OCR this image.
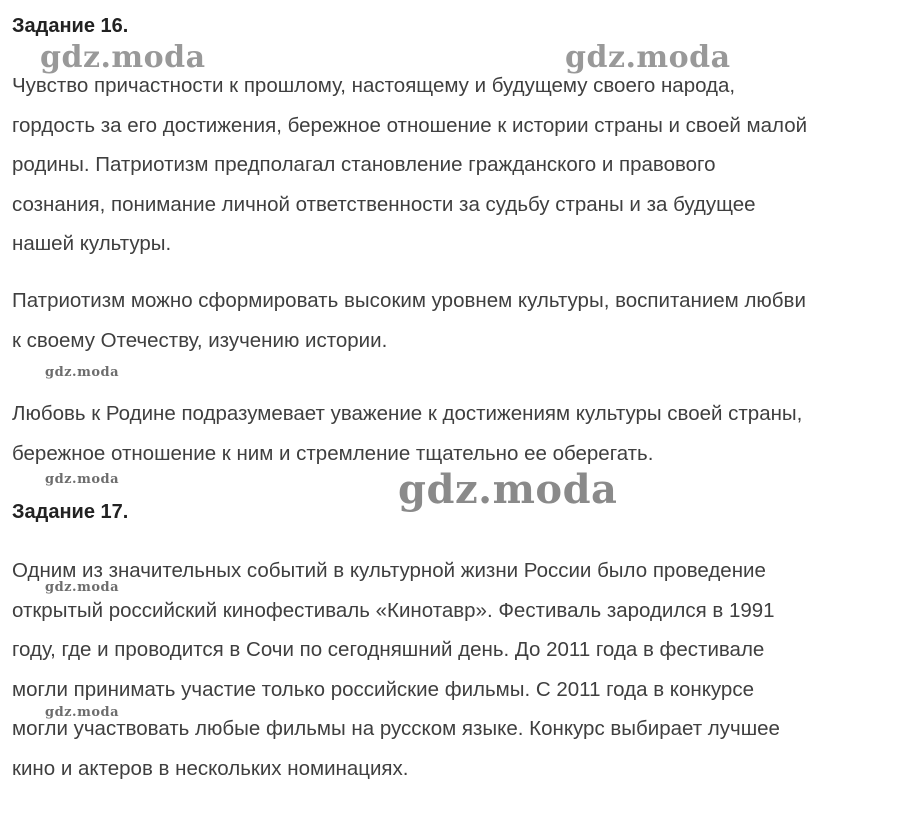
Задание 16.
Чувство причастности к прошлому, настоящему и будущему своего народа,
гордость за его достижения, бережное отношение к истории страны и своей малой
родины. Патриотизм предполагал становление гражданского и правового
сознания, понимание личной ответственности за судьбу страны и за будущее
нашей культуры.
Патриотизм можно сформировать высоким уровнем культуры, воспитанием любви
к своему Отечеству, изучению истории.
Любовь к Родине подразумевает уважение к достижениям культуры своей страны,
бережное отношение к ним и стремление тщательно ее оберегать.
Задание 17.
Одним из значительных событий в культурной жизни России было проведение
открытый российский кинофестиваль «Кинотавр». Фестиваль зародился в 1991
году, где и проводится в Сочи по сегодняшний день. До 2011 года в фестивале
могли принимать участие только российские фильмы. С 2011 года в конкурсе
могли участвовать любые фильмы на русском языке. Конкурс выбирает лучшее
кино и актеров в нескольких номинациях.
gdz.moda	gdz.moda
gdz.moda
gdz.moda	gdz.moda
gdz.moda
gdz.moda
